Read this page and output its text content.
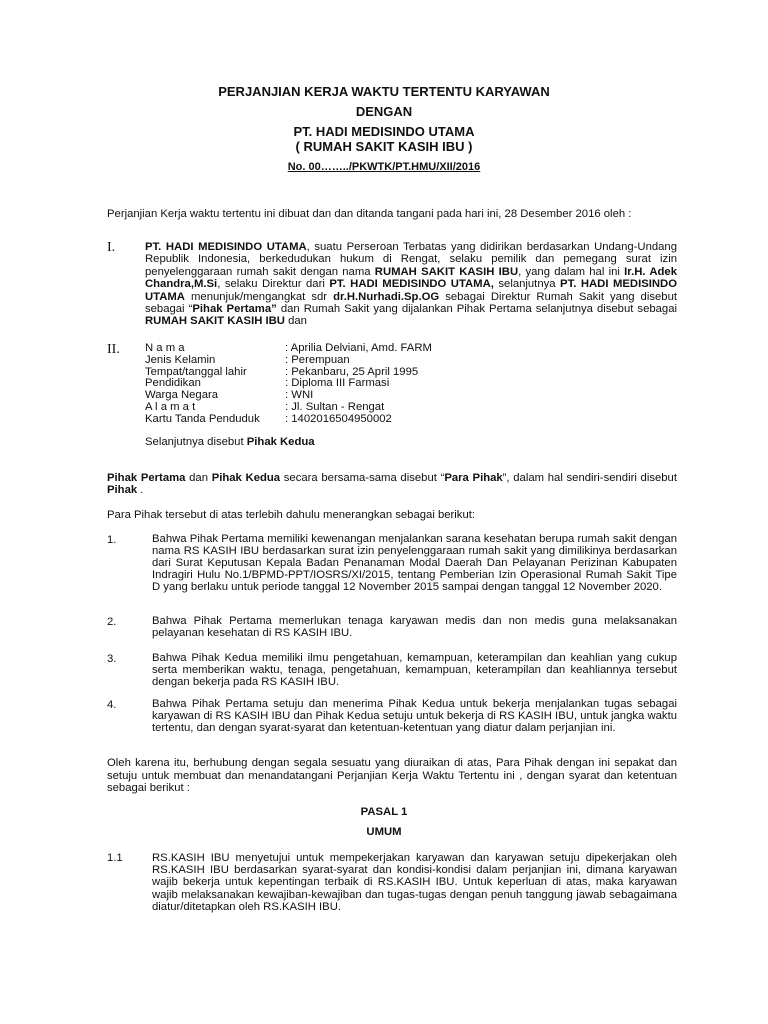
PERJANJIAN KERJA WAKTU TERTENTU KARYAWAN
DENGAN
PT. HADI MEDISINDO UTAMA
( RUMAH SAKIT KASIH IBU )
No. 00……../PKWTK/PT.HMU/XII/2016
Perjanjian Kerja waktu tertentu ini dibuat dan dan ditanda tangani pada hari ini, 28 Desember 2016 oleh :
I.	PT. HADI MEDISINDO UTAMA, suatu Perseroan Terbatas yang didirikan berdasarkan Undang-Undang Republik Indonesia, berkedudukan hukum di Rengat, selaku pemilik dan pemegang surat izin penyelenggaraan rumah sakit dengan nama RUMAH SAKIT KASIH IBU, yang dalam hal ini Ir.H. Adek Chandra,M.Si, selaku Direktur dari PT. HADI MEDISINDO UTAMA, selanjutnya PT. HADI MEDISINDO UTAMA menunjuk/mengangkat sdr dr.H.Nurhadi.Sp.OG sebagai Direktur Rumah Sakit yang disebut sebagai “Pihak Pertama” dan Rumah Sakit yang dijalankan Pihak Pertama selanjutnya disebut sebagai RUMAH SAKIT KASIH IBU dan
II. N a m a	: Aprilia Delviani, Amd. FARM
Jenis Kelamin	: Perempuan
Tempat/tanggal lahir	: Pekanbaru, 25 April 1995
Pendidikan	: Diploma III Farmasi
Warga Negara	: WNI
A l a m a t	: Jl. Sultan - Rengat
Kartu Tanda Penduduk	: 1402016504950002
Selanjutnya disebut Pihak Kedua
Pihak Pertama dan Pihak Kedua secara bersama-sama disebut “Para Pihak”, dalam hal sendiri-sendiri disebut Pihak .
Para Pihak tersebut di atas terlebih dahulu menerangkan sebagai berikut:
1.	Bahwa Pihak Pertama memiliki kewenangan menjalankan sarana kesehatan berupa rumah sakit dengan nama RS KASIH IBU berdasarkan surat izin penyelenggaraan rumah sakit yang dimilikinya berdasarkan dari Surat Keputusan Kepala Badan Penanaman Modal Daerah Dan Pelayanan Perizinan Kabupaten Indragiri Hulu No.1/BPMD-PPT/IOSRS/XI/2015, tentang Pemberian Izin Operasional Rumah Sakit Tipe D yang berlaku untuk periode tanggal 12 November 2015 sampai dengan tanggal 12 November 2020.
2.	Bahwa Pihak Pertama memerlukan tenaga karyawan medis dan non medis guna melaksanakan pelayanan kesehatan di RS KASIH IBU.
3.	Bahwa Pihak Kedua memiliki ilmu pengetahuan, kemampuan, keterampilan dan keahlian yang cukup serta memberikan waktu, tenaga, pengetahuan, kemampuan, keterampilan dan keahliannya tersebut dengan bekerja pada RS KASIH IBU.
4.	Bahwa Pihak Pertama setuju dan menerima Pihak Kedua untuk bekerja menjalankan tugas sebagai karyawan di RS KASIH IBU dan Pihak Kedua setuju untuk bekerja di RS KASIH IBU, untuk jangka waktu tertentu, dan dengan syarat-syarat dan ketentuan-ketentuan yang diatur dalam perjanjian ini.
Oleh karena itu, berhubung dengan segala sesuatu yang diuraikan di atas, Para Pihak dengan ini sepakat dan setuju untuk membuat dan menandatangani Perjanjian Kerja Waktu Tertentu ini , dengan syarat dan ketentuan sebagai berikut :
PASAL 1
UMUM
1.1	RS.KASIH IBU menyetujui untuk mempekerjakan karyawan dan karyawan setuju dipekerjakan oleh RS.KASIH IBU berdasarkan syarat-syarat dan kondisi-kondisi dalam perjanjian ini, dimana karyawan wajib bekerja untuk kepentingan terbaik di RS.KASIH IBU. Untuk keperluan di atas, maka karyawan wajib melaksanakan kewajiban-kewajiban dan tugas-tugas dengan penuh tanggung jawab sebagaimana diatur/ditetapkan oleh RS.KASIH IBU.
